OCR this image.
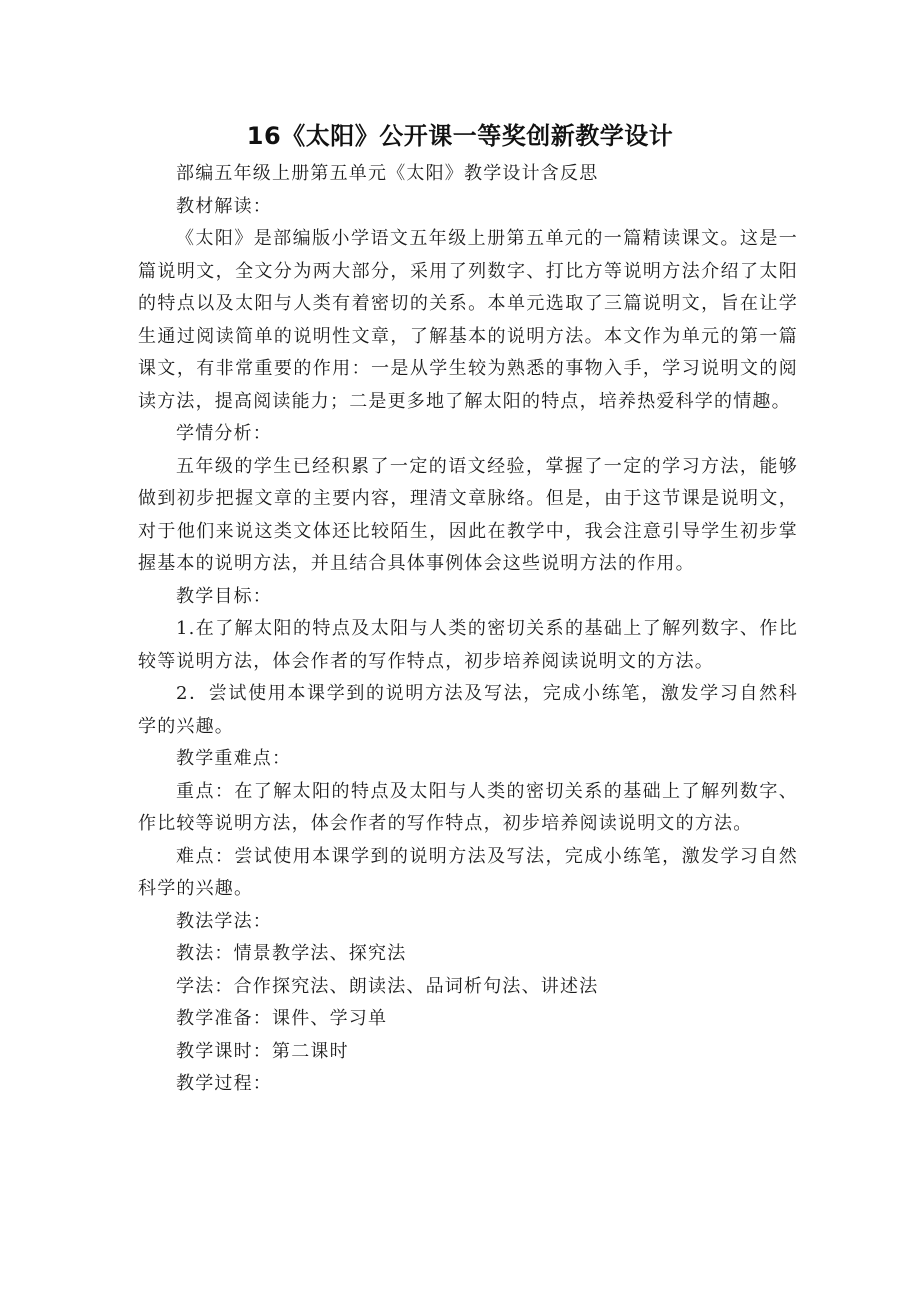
16《太阳》公开课一等奖创新教学设计

部编五年级上册第五单元《太阳》教学设计含反思

教材解读：

《太阳》是部编版小学语文五年级上册第五单元的一篇精读课文。这是一篇说明文，全文分为两大部分，采用了列数字、打比方等说明方法介绍了太阳的特点以及太阳与人类有着密切的关系。本单元选取了三篇说明文，旨在让学生通过阅读简单的说明性文章，了解基本的说明方法。本文作为单元的第一篇课文，有非常重要的作用：一是从学生较为熟悉的事物入手，学习说明文的阅读方法，提高阅读能力；二是更多地了解太阳的特点，培养热爱科学的情趣。

学情分析：

五年级的学生已经积累了一定的语文经验，掌握了一定的学习方法，能够做到初步把握文章的主要内容，理清文章脉络。但是，由于这节课是说明文，对于他们来说这类文体还比较陌生，因此在教学中，我会注意引导学生初步掌握基本的说明方法，并且结合具体事例体会这些说明方法的作用。

教学目标：

1.在了解太阳的特点及太阳与人类的密切关系的基础上了解列数字、作比较等说明方法，体会作者的写作特点，初步培养阅读说明文的方法。

2．尝试使用本课学到的说明方法及写法，完成小练笔，激发学习自然科学的兴趣。

教学重难点：

重点：在了解太阳的特点及太阳与人类的密切关系的基础上了解列数字、作比较等说明方法，体会作者的写作特点，初步培养阅读说明文的方法。

难点：尝试使用本课学到的说明方法及写法，完成小练笔，激发学习自然科学的兴趣。

教法学法：

教法：情景教学法、探究法

学法：合作探究法、朗读法、品词析句法、讲述法

教学准备：课件、学习单

教学课时：第二课时

教学过程：
